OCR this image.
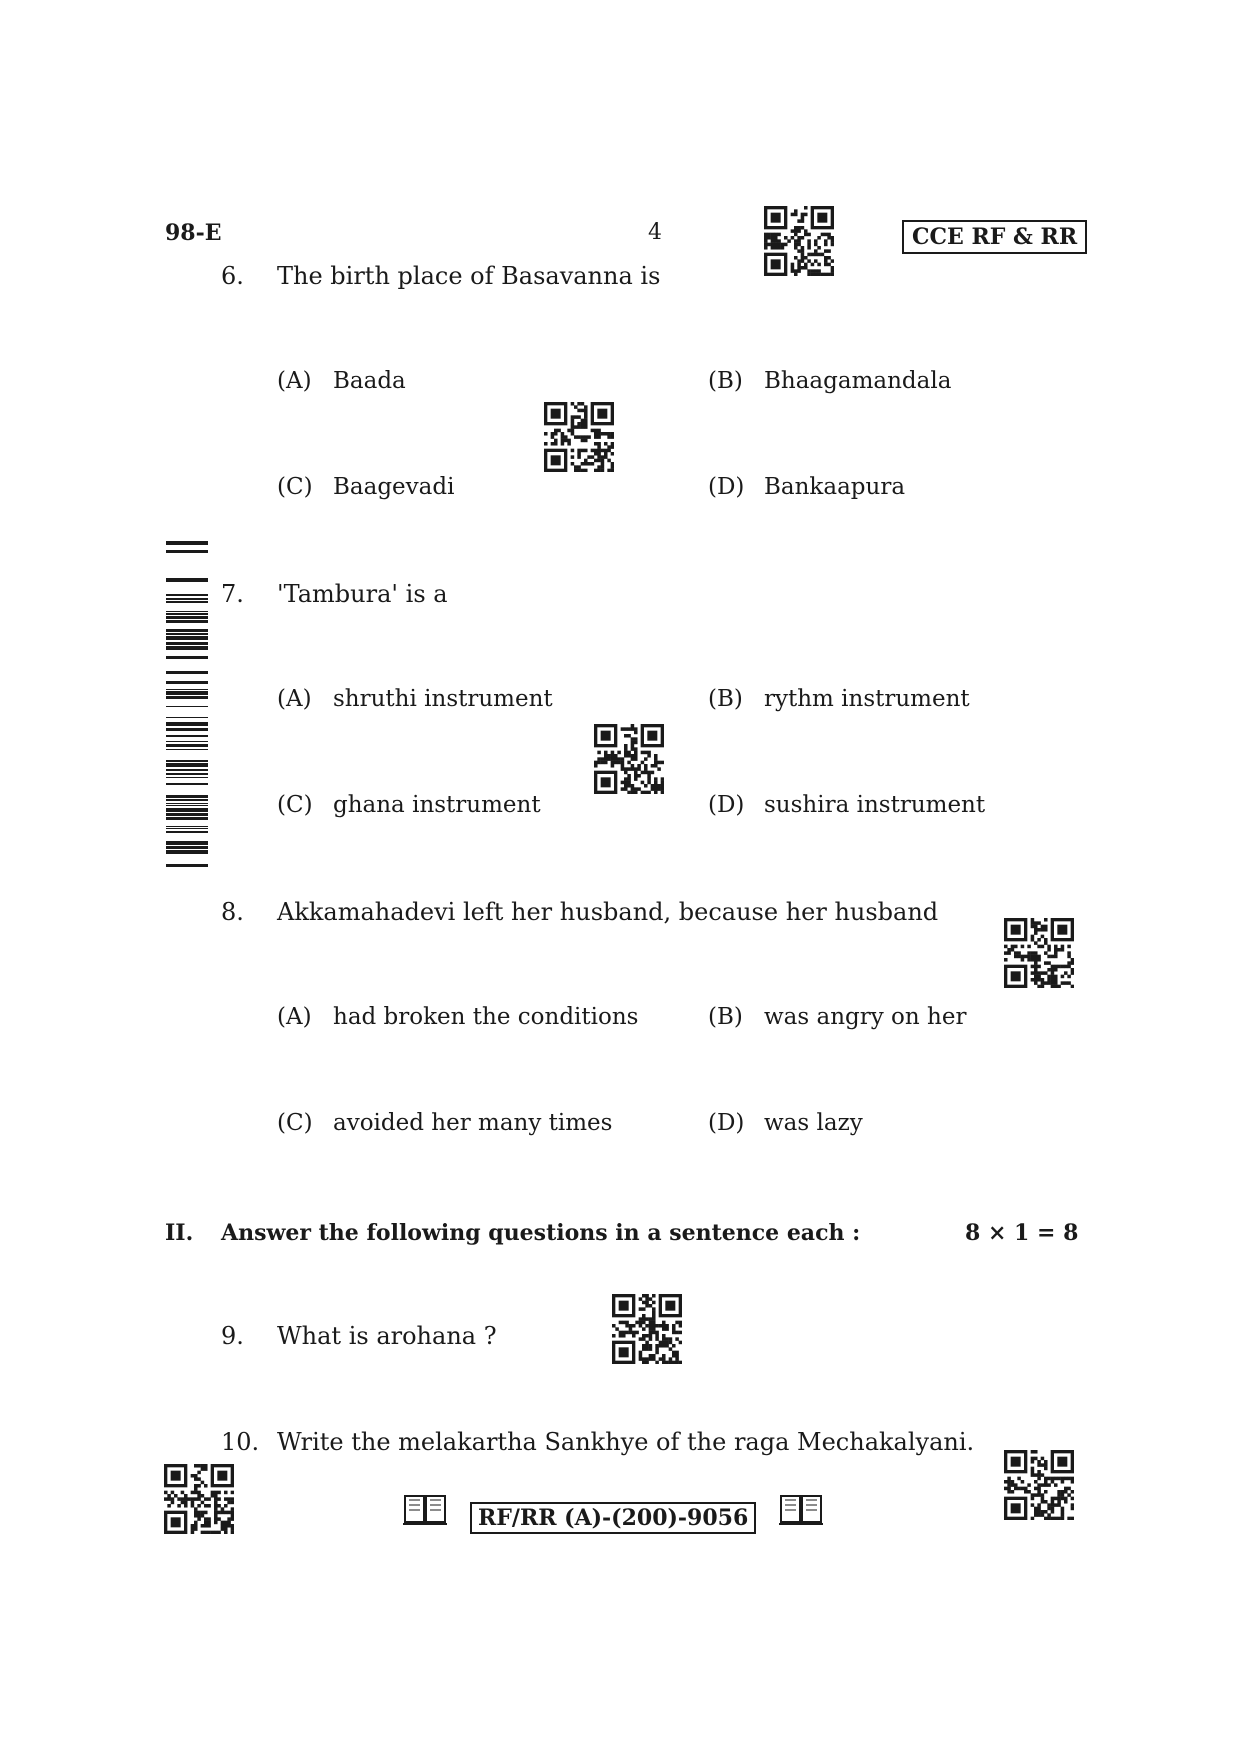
98-E	4	CCE RF & RR
6. The birth place of Basavanna is
(A) Baada	(B) Bhaagamandala
(C) Baagevadi	(D) Bankaapura
7. 'Tambura' is a
(A) shruthi instrument	(B) rythm instrument
(C) ghana instrument	(D) sushira instrument
8. Akkamahadevi left her husband, because her husband
(A) had broken the conditions	(B) was angry on her
(C) avoided her many times	(D) was lazy
II. Answer the following questions in a sentence each :	8 × 1 = 8
9. What is arohana ?
10. Write the melakartha Sankhye of the raga Mechakalyani.
RF/RR (A)-(200)-9056
